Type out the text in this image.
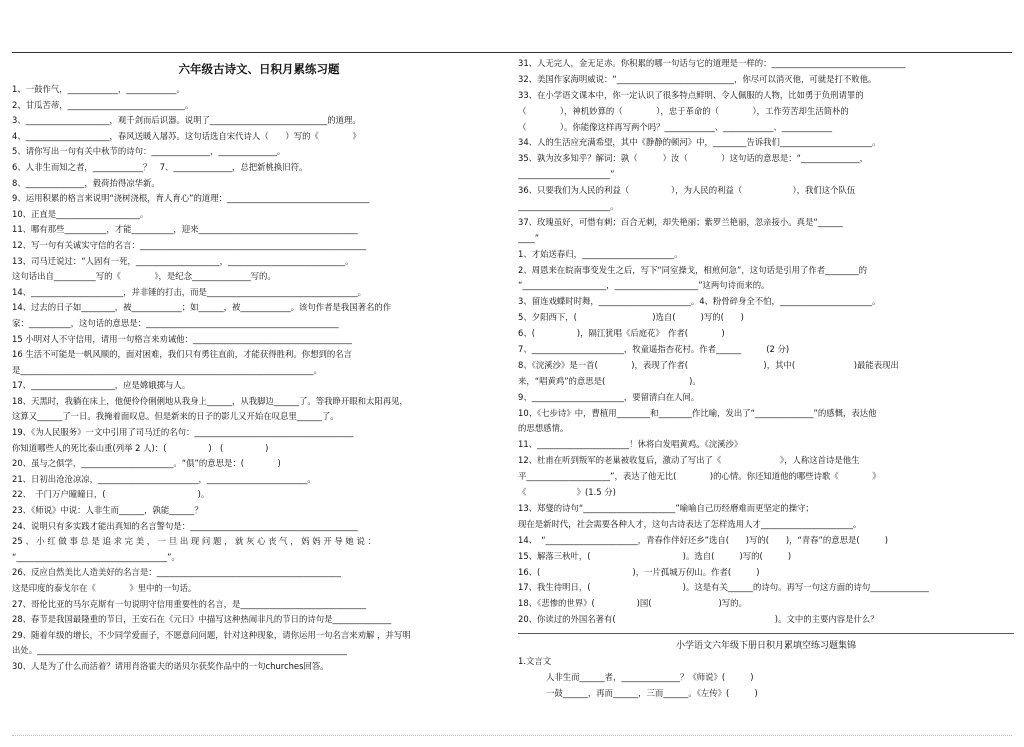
六年级古诗文、日积月累练习题
1、一鼓作气，____________，____________。
2、甘瓜苦蒂，____________________________。
3、____________________，观千剑而后识器。说明了____________________________的道理。
4、____________________，春风送暖入屠苏。这句话选自宋代诗人（　　）写的《　　　　》
5、请你写出一句有关中秋节的诗句：______________，______________。
6、人非生而知之者，____________？　7、______________，总把新桃换旧符。
8、______________，毅荷抬得凉华新。
9、运用积累的格言来说明“浇树浇根，育人育心”的道理：__________________________________
10、正直是____________________。
11、哪有那些__________，才能__________，迎来______________________________________
12、写一句有关诚实守信的名言：______________________________________________________
13、司马迁说过：“人固有一死，____________________，____________________________。
这句话出自__________写的《　　　　》，是纪念______________写的。
14、______________________，并非锤的打击，而是____________________________________。
14、过去的日子如________，被____________；如______，被____________。该句作者是我国著名的作
家：__________，这句话的意思是：______________________________________________
15 小明对人不守信用，请用一句格言来劝诫他：______________________________________
16 生活不可能是一帆风顺的，面对困难，我们只有勇往直前，才能获得胜利。你想到的名言
是______________________________________________________________________。
17、____________________，应是嫦娥掷与人。
18、天黑时，我躺在床上，他便伶伶俐俐地从我身上______，从我脚边______了。等我睁开眼和太阳再见，
这算又______了一日。我掩着面叹息。但是新来的日子的影儿又开始在叹息里______了。
19、《为人民服务》一文中引用了司马迁的名句：______________________________________
你知道哪些人的死比泰山重(列举 2 人)：(　　　　　)　(　　　　　)
20、虽与之俱学，______________________。“俱”的意思是：(　　　　)
21、日初出沧沧凉凉，________________________，________________________。
22、　千门万户曈曈日，(　　　　　　　　　　　)。
23、《师说》中说：人非生而______，孰能______？
24、说明只有多实践才能出真知的名言警句是：________________________________________
25 、 小 红 做 事 总 是 追 求 完 美 ， 一 旦 出 现 问 题 ， 就 灰 心 丧 气 ， 妈 妈 开 导 她 说 ：
“____________________________________”。
26、反应自然美比人造美好的名言是：____________________________________________
这是印度的泰戈尔在《　　　　》里中的一句话。
27、哥伦比亚的马尔克斯有一句说明守信用重要性的名言，是______________________________
28、春节是我国最隆重的节日，王安石在《元日》中描写这种热闹非凡的节日的诗句是______________
29、随着年级的增长，不少同学爱面子，不愿意问问题，针对这种现象，请你运用一句名言来劝解 ，并写明
出处。__________________________________________________________________________
30、人是为了什么而活着？请用肖洛霍夫的诺贝尔获奖作品中的一句churches回答。
31、人无完人，金无足赤。你积累的哪一句话与它的道理是一样的：________________________________
32、美国作家海明威说：“____________________________，你尽可以消灭他，可就是打不败他。
33、在小学语文课本中，你一定认识了很多特点鲜明、令人佩服的人物，比如勇于负刑请罪的
（　　　　），神机妙算的（　　　　），忠于革命的（　　　　），工作劳苦却生活简朴的
（　　　　）。你能像这样再写两个吗？____________、____________、____________
34、人的生活应充满希望，其中《静静的顿河》中，________告诉我们______________________。
35、孰为汝多知乎？解词：孰（　　　）汝（　　　　）这句话的意思是：“______________，
______________________”
36、只要我们为人民的利益（　　　　　），为人民的利益（　　　　　　），我们这个队伍
______________________。
37、玫瑰虽好，可惜有刺；百合无刺，却失艳丽；紫罗兰艳丽，忽亲接小。真是“______
____”
1、才始送春归，______________________。
2、周恩来在皖南事变发生之后，写下“同室操戈，相煎何急”，这句话是引用了作者________的
“____________________，____________________”这两句诗而来的。
3、留连戏蝶时时舞，______________________。4、粉骨碎身全不怕，______________________。
5、夕阳西下，(　　　　　　　　　)选自(　　　)写的(　　)
6、(　　　　　)，隔江犹唱《后庭花》　作者(　　　　)
7、______________________，牧童遥指杏花村。作者______　　　(2 分)
8、《浣溪沙》是一首(　　　　)，表现了作者(　　　　　　　　　)，其中(　　　　　　　)最能表现出
来，“唱黄鸡”的意思是(　　　　　　　　　　)。
9、______________________，要留清白在人间。
10、《七步诗》中，曹植用________和________作比喻，发出了“______________”的感慨，表达他
的思想感情。
11、______________________！休将白发唱黄鸡。《浣溪沙》
12、杜甫在听到叛军的老巢被收复后，激动了写出了《　　　　　　　》，人称这首诗是他生
平____________________”，表达了他无比(　　　　)的心情。你还知道他的哪些诗歌《　　　　》
《　　　　　　》(1.5 分)
13、郑燮的诗句“______________________”喻喻自己历经磨难而更坚定的操守；
现在是新时代，社会需要各种人才，这句古诗表达了怎样选用人才______________________。
14、　“______________________，青春作伴好还乡”选自(　　)写的(　　)，“青春”的意思是(　　　)
15、解落三秋叶，(　　　　　　　　　　　)。选自(　　　)写的(　　　)
16、(　　　　　　　　　　　)，一片孤城万仞山。作者(　　　)
17、我生待明日，(　　　　　　　　　　　)。这是有关______的诗句。再写一句这方面的诗句______________
18、《悲惨的世界》(　　　　　)国(　　　　　　　　)写的。
20、你读过的外国名著有(　　　　　　　　　　　　　　　　　　　)。文中的主要内容是什么？
小学语文六年级下册日积月累填空练习题集锦
1.文言文
人非生而______者，______________？《师说》(　　　)
一鼓______，再而______，三而______。《左传》(　　　)
